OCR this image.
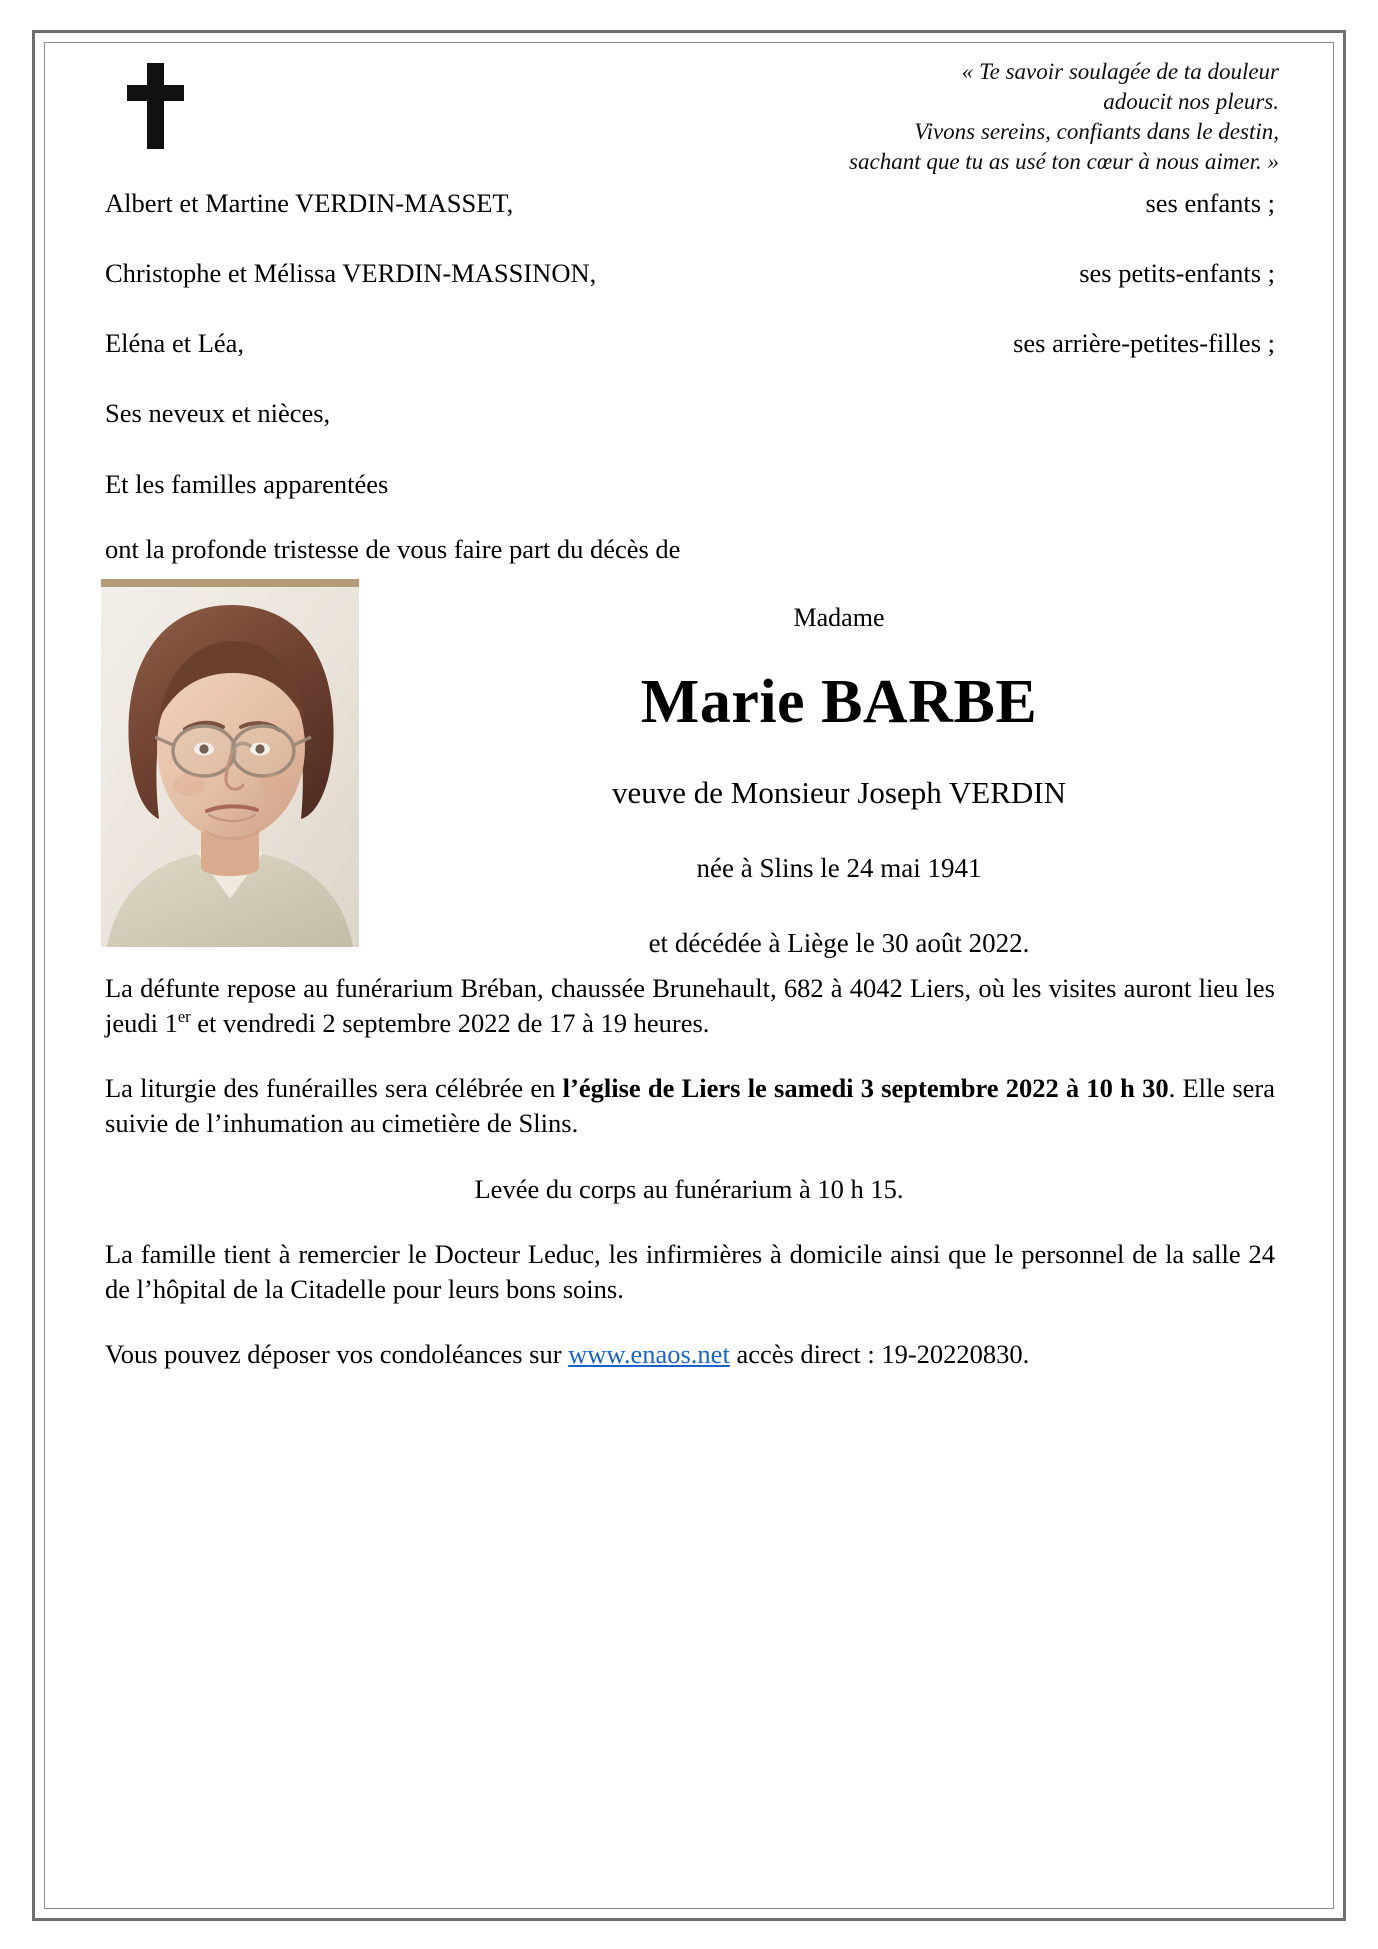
« Te savoir soulagée de ta douleur
adoucit nos pleurs.
Vivons sereins, confiants dans le destin,
sachant que tu as usé ton cœur à nous aimer. »
Albert et Martine VERDIN-MASSET,	ses enfants ;
Christophe et Mélissa VERDIN-MASSINON,	ses petits-enfants ;
Eléna et Léa,	ses arrière-petites-filles ;
Ses neveux et nièces,
Et les familles apparentées
ont la profonde tristesse de vous faire part du décès de
Madame
Marie BARBE
veuve de Monsieur Joseph VERDIN
née à Slins le 24 mai 1941
et décédée à Liège le 30 août 2022.
La défunte repose au funérarium Bréban, chaussée Brunehault, 682 à 4042 Liers, où les visites auront lieu les jeudi 1er et vendredi 2 septembre 2022 de 17 à 19 heures.
La liturgie des funérailles sera célébrée en l’église de Liers le samedi 3 septembre 2022 à 10 h 30. Elle sera suivie de l’inhumation au cimetière de Slins.
Levée du corps au funérarium à 10 h 15.
La famille tient à remercier le Docteur Leduc, les infirmières à domicile ainsi que le personnel de la salle 24 de l’hôpital de la Citadelle pour leurs bons soins.
Vous pouvez déposer vos condoléances sur www.enaos.net accès direct : 19-20220830.
